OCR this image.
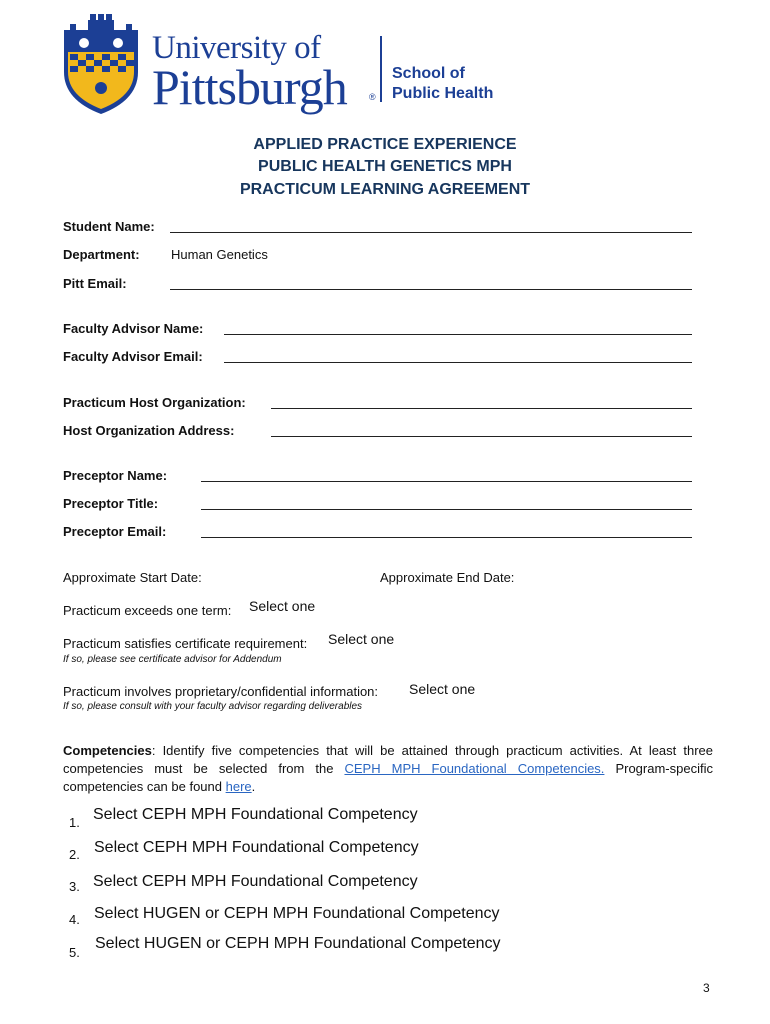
University of
Pittsburgh ®
School of
Public Health
APPLIED PRACTICE EXPERIENCE
PUBLIC HEALTH GENETICS MPH
PRACTICUM LEARNING AGREEMENT
Student Name:
Department: Human Genetics
Pitt Email:
Faculty Advisor Name:
Faculty Advisor Email:
Practicum Host Organization:
Host Organization Address:
Preceptor Name:
Preceptor Title:
Preceptor Email:
Approximate Start Date:	Approximate End Date:
Practicum exceeds one term: Select one
Practicum satisfies certificate requirement: Select one
If so, please see certificate advisor for Addendum
Practicum involves proprietary/confidential information: Select one
If so, please consult with your faculty advisor regarding deliverables
Competencies: Identify five competencies that will be attained through practicum activities. At least three competencies must be selected from the CEPH MPH Foundational Competencies. Program-specific competencies can be found here.
1. Select CEPH MPH Foundational Competency
2. Select CEPH MPH Foundational Competency
3. Select CEPH MPH Foundational Competency
4. Select HUGEN or CEPH MPH Foundational Competency
5.
Select HUGEN or CEPH MPH Foundational Competency
3
